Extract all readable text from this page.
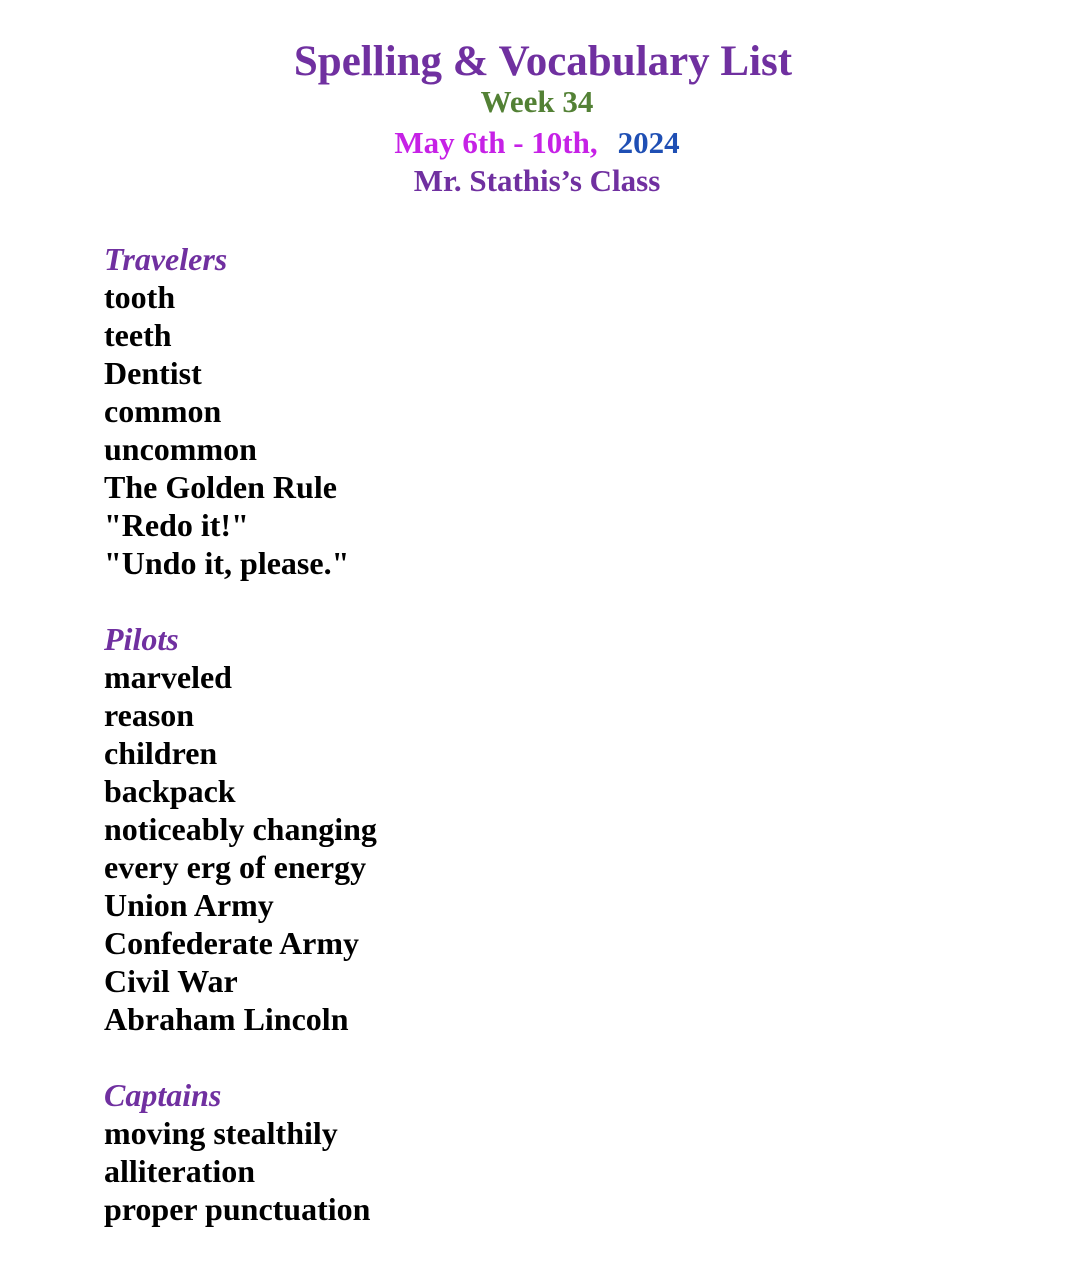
Spelling & Vocabulary List
Week 34
May 6th - 10th, 2024
Mr. Stathis’s Class
Travelers
tooth
teeth
Dentist
common
uncommon
The Golden Rule
"Redo it!"
"Undo it, please."
Pilots
marveled
reason
children
backpack
noticeably changing
every erg of energy
Union Army
Confederate Army
Civil War
Abraham Lincoln
Captains
moving stealthily
alliteration
proper punctuation
